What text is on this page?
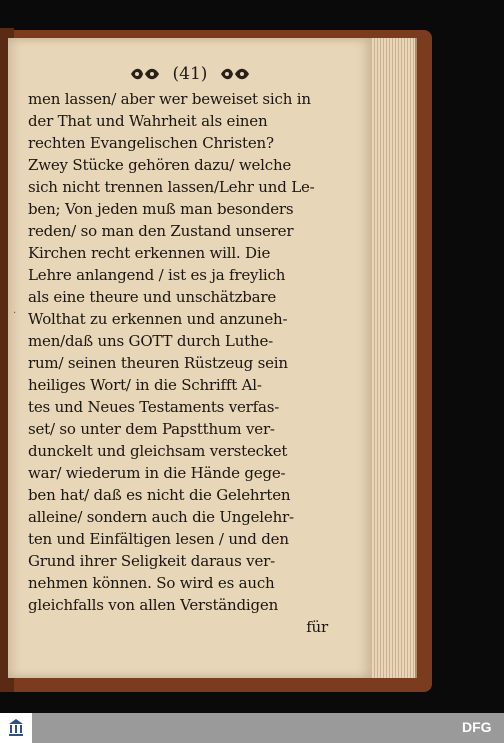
(41)
·
men lassen/ aber wer beweiset sich in
der That und Wahrheit als einen
rechten Evangelischen Christen?
Zwey Stücke gehören dazu/ welche
sich nicht trennen lassen/Lehr und Le-
ben; Von jeden muß man besonders
reden/ so man den Zustand unserer
Kirchen recht erkennen will. Die
Lehre anlangend / ist es ja freylich
als eine theure und unschätzbare
Wolthat zu erkennen und anzuneh-
men/daß uns GOTT durch Luthe-
rum/ seinen theuren Rüstzeug sein
heiliges Wort/ in die Schrifft Al-
tes und Neues Testaments verfas-
set/ so unter dem Papstthum ver-
dunckelt und gleichsam verstecket
war/ wiederum in die Hände gege-
ben hat/ daß es nicht die Gelehrten
alleine/ sondern auch die Ungelehr-
ten und Einfältigen lesen / und den
Grund ihrer Seligkeit daraus ver-
nehmen können. So wird es auch
gleichfalls von allen Verständigen
für
DFG
